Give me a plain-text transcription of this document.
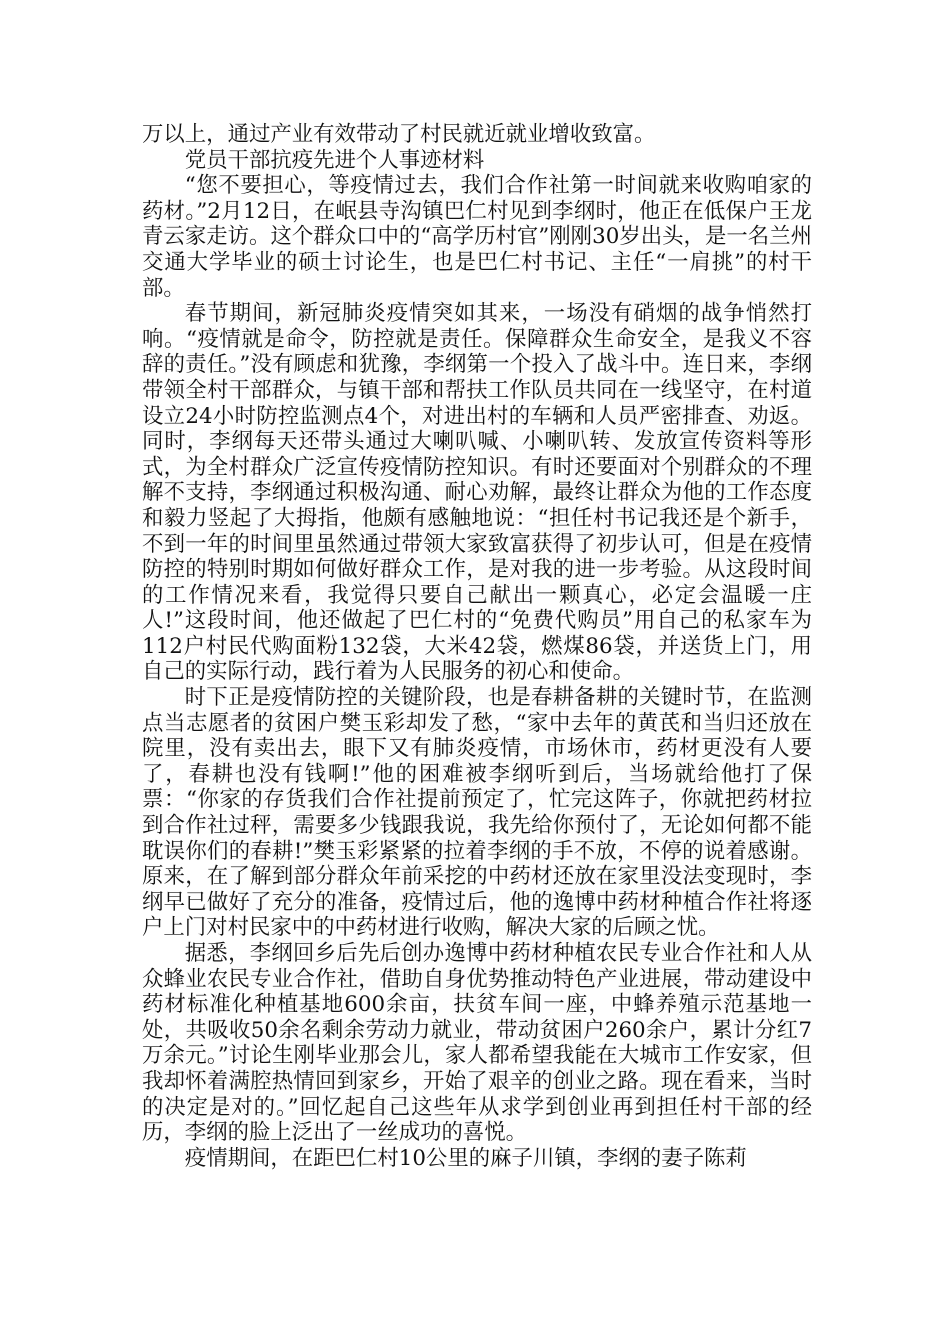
万以上，通过产业有效带动了村民就近就业增收致富。

党员干部抗疫先进个人事迹材料

“您不要担心，等疫情过去，我们合作社第一时间就来收购咱家的药材。”2月12日，在岷县寺沟镇巴仁村见到李纲时，他正在低保户王龙青云家走访。这个群众口中的“高学历村官”刚刚30岁出头，是一名兰州交通大学毕业的硕士讨论生，也是巴仁村书记、主任“一肩挑”的村干部。

春节期间，新冠肺炎疫情突如其来，一场没有硝烟的战争悄然打响。“疫情就是命令，防控就是责任。保障群众生命安全，是我义不容辞的责任。”没有顾虑和犹豫，李纲第一个投入了战斗中。连日来，李纲带领全村干部群众，与镇干部和帮扶工作队员共同在一线坚守，在村道设立24小时防控监测点4个，对进出村的车辆和人员严密排查、劝返。同时，李纲每天还带头通过大喇叭喊、小喇叭转、发放宣传资料等形式，为全村群众广泛宣传疫情防控知识。有时还要面对个别群众的不理解不支持，李纲通过积极沟通、耐心劝解，最终让群众为他的工作态度和毅力竖起了大拇指，他颇有感触地说：“担任村书记我还是个新手，不到一年的时间里虽然通过带领大家致富获得了初步认可，但是在疫情防控的特别时期如何做好群众工作，是对我的进一步考验。从这段时间的工作情况来看，我觉得只要自己献出一颗真心，必定会温暖一庄人!”这段时间，他还做起了巴仁村的“免费代购员”用自己的私家车为112户村民代购面粉132袋，大米42袋，燃煤86袋，并送货上门，用自己的实际行动，践行着为人民服务的初心和使命。

时下正是疫情防控的关键阶段，也是春耕备耕的关键时节，在监测点当志愿者的贫困户樊玉彩却发了愁，“家中去年的黄芪和当归还放在院里，没有卖出去，眼下又有肺炎疫情，市场休市，药材更没有人要了，春耕也没有钱啊!”他的困难被李纲听到后，当场就给他打了保票：“你家的存货我们合作社提前预定了，忙完这阵子，你就把药材拉到合作社过秤，需要多少钱跟我说，我先给你预付了，无论如何都不能耽误你们的春耕!”樊玉彩紧紧的拉着李纲的手不放，不停的说着感谢。原来，在了解到部分群众年前采挖的中药材还放在家里没法变现时，李纲早已做好了充分的准备，疫情过后，他的逸博中药材种植合作社将逐户上门对村民家中的中药材进行收购，解决大家的后顾之忧。

据悉，李纲回乡后先后创办逸博中药材种植农民专业合作社和人从众蜂业农民专业合作社，借助自身优势推动特色产业进展，带动建设中药材标准化种植基地600余亩，扶贫车间一座，中蜂养殖示范基地一处，共吸收50余名剩余劳动力就业，带动贫困户260余户，累计分红7万余元。”讨论生刚毕业那会儿，家人都希望我能在大城市工作安家，但我却怀着满腔热情回到家乡，开始了艰辛的创业之路。现在看来，当时的决定是对的。”回忆起自己这些年从求学到创业再到担任村干部的经历，李纲的脸上泛出了一丝成功的喜悦。

疫情期间，在距巴仁村10公里的麻子川镇，李纲的妻子陈莉
